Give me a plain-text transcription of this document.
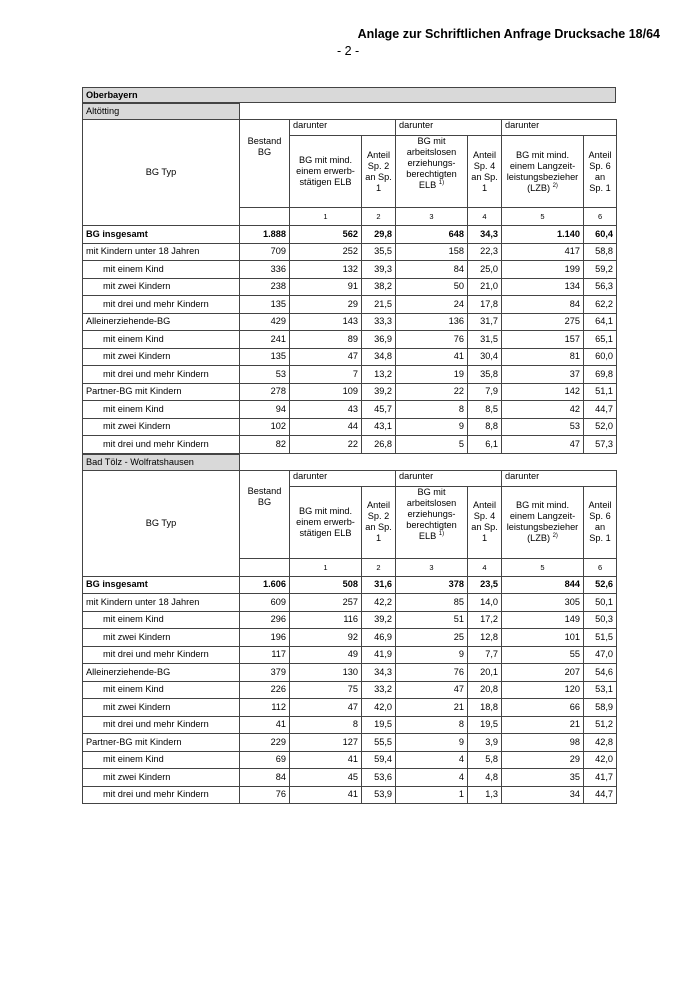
Anlage zur Schriftlichen Anfrage Drucksache 18/64
- 2 -
Oberbayern
Altötting								
BG Typ		darunter		darunter		darunter		
	Bestand BG	BG mit mind. einem erwerb-stätigen ELB	Anteil Sp. 2 an Sp. 1	BG mit arbeitslosen erziehungs-berechtigten ELB $^{1)}$	Anteil Sp. 4 an Sp. 1	BG mit mind. einem Langzeit-leistungsbezieher (LZB) $^{2)}$	Anteil Sp. 6 an Sp. 1	
		1	2	3	4	5	6	
BG insgesamt	1.888	562	29,8	648	34,3	1.140	60,4	
mit Kindern unter 18 Jahren	709	252	35,5	158	22,3	417	58,8	
mit einem Kind	336	132	39,3	84	25,0	199	59,2	
mit zwei Kindern	238	91	38,2	50	21,0	134	56,3	
mit drei und mehr Kindern	135	29	21,5	24	17,8	84	62,2	
Alleinerziehende-BG	429	143	33,3	136	31,7	275	64,1	
mit einem Kind	241	89	36,9	76	31,5	157	65,1	
mit zwei Kindern	135	47	34,8	41	30,4	81	60,0	
mit drei und mehr Kindern	53	7	13,2	19	35,8	37	69,8	
Partner-BG mit Kindern	278	109	39,2	22	7,9	142	51,1	
mit einem Kind	94	43	45,7	8	8,5	42	44,7	
mit zwei Kindern	102	44	43,1	9	8,8	53	52,0	
mit drei und mehr Kindern	82	22	26,8	5	6,1	47	57,3	
Bad Tölz - Wolfratshausen								
BG Typ		darunter		darunter		darunter		
	Bestand BG	BG mit mind. einem erwerb-stätigen ELB	Anteil Sp. 2 an Sp. 1	BG mit arbeitslosen erziehungs-berechtigten ELB $^{1)}$	Anteil Sp. 4 an Sp. 1	BG mit mind. einem Langzeit-leistungsbezieher (LZB) $^{2)}$	Anteil Sp. 6 an Sp. 1	
		1	2	3	4	5	6	
BG insgesamt	1.606	508	31,6	378	23,5	844	52,6	
mit Kindern unter 18 Jahren	609	257	42,2	85	14,0	305	50,1	
mit einem Kind	296	116	39,2	51	17,2	149	50,3	
mit zwei Kindern	196	92	46,9	25	12,8	101	51,5	
mit drei und mehr Kindern	117	49	41,9	9	7,7	55	47,0	
Alleinerziehende-BG	379	130	34,3	76	20,1	207	54,6	
mit einem Kind	226	75	33,2	47	20,8	120	53,1	
mit zwei Kindern	112	47	42,0	21	18,8	66	58,9	
mit drei und mehr Kindern	41	8	19,5	8	19,5	21	51,2	
Partner-BG mit Kindern	229	127	55,5	9	3,9	98	42,8	
mit einem Kind	69	41	59,4	4	5,8	29	42,0	
mit zwei Kindern	84	45	53,6	4	4,8	35	41,7	
mit drei und mehr Kindern	76	41	53,9	1	1,3	34	44,7	
